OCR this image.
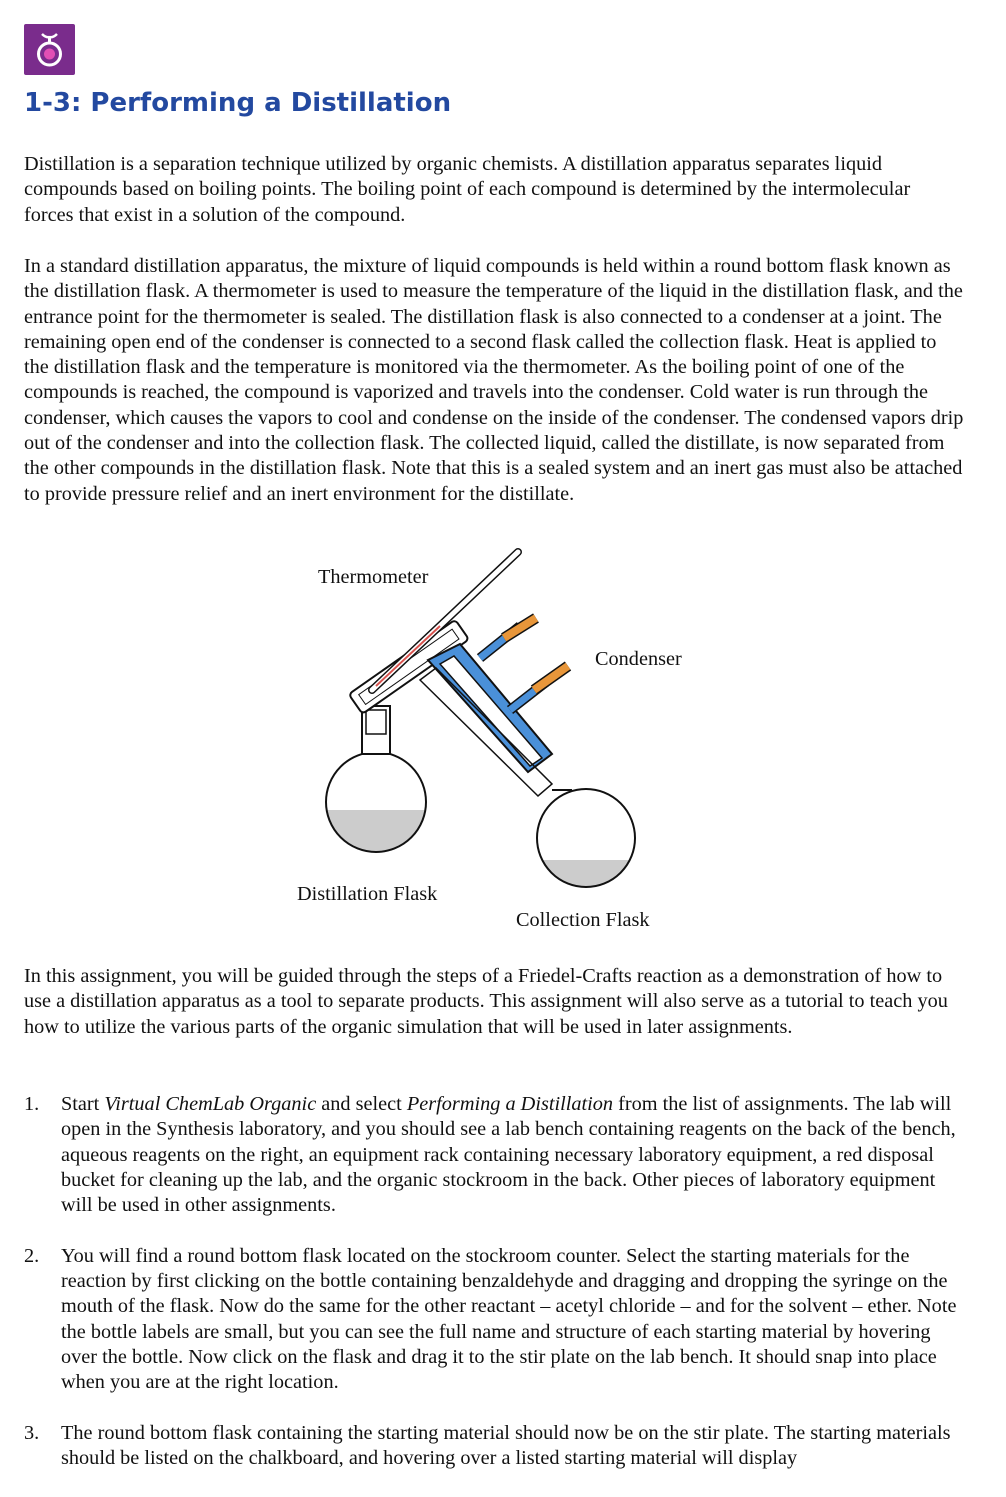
1-3: Performing a Distillation

Distillation is a separation technique utilized by organic chemists. A distillation apparatus separates liquid compounds based on boiling points. The boiling point of each compound is determined by the intermolecular forces that exist in a solution of the compound.

In a standard distillation apparatus, the mixture of liquid compounds is held within a round bottom flask known as the distillation flask. A thermometer is used to measure the temperature of the liquid in the distillation flask, and the entrance point for the thermometer is sealed. The distillation flask is also connected to a condenser at a joint. The remaining open end of the condenser is connected to a second flask called the collection flask. Heat is applied to the distillation flask and the temperature is monitored via the thermometer. As the boiling point of one of the compounds is reached, the compound is vaporized and travels into the condenser. Cold water is run through the condenser, which causes the vapors to cool and condense on the inside of the condenser. The condensed vapors drip out of the condenser and into the collection flask. The collected liquid, called the distillate, is now separated from the other compounds in the distillation flask. Note that this is a sealed system and an inert gas must also be attached to provide pressure relief and an inert environment for the distillate.

Thermometer
Condenser
Distillation Flask
Collection Flask

In this assignment, you will be guided through the steps of a Friedel-Crafts reaction as a demonstration of how to use a distillation apparatus as a tool to separate products. This assignment will also serve as a tutorial to teach you how to utilize the various parts of the organic simulation that will be used in later assignments.

1. Start Virtual ChemLab Organic and select Performing a Distillation from the list of assignments. The lab will open in the Synthesis laboratory, and you should see a lab bench containing reagents on the back of the bench, aqueous reagents on the right, an equipment rack containing necessary laboratory equipment, a red disposal bucket for cleaning up the lab, and the organic stockroom in the back. Other pieces of laboratory equipment will be used in other assignments.
2. You will find a round bottom flask located on the stockroom counter. Select the starting materials for the reaction by first clicking on the bottle containing benzaldehyde and dragging and dropping the syringe on the mouth of the flask. Now do the same for the other reactant – acetyl chloride – and for the solvent – ether. Note the bottle labels are small, but you can see the full name and structure of each starting material by hovering over the bottle. Now click on the flask and drag it to the stir plate on the lab bench. It should snap into place when you are at the right location.
3. The round bottom flask containing the starting material should now be on the stir plate. The starting materials should be listed on the chalkboard, and hovering over a listed starting material will display
